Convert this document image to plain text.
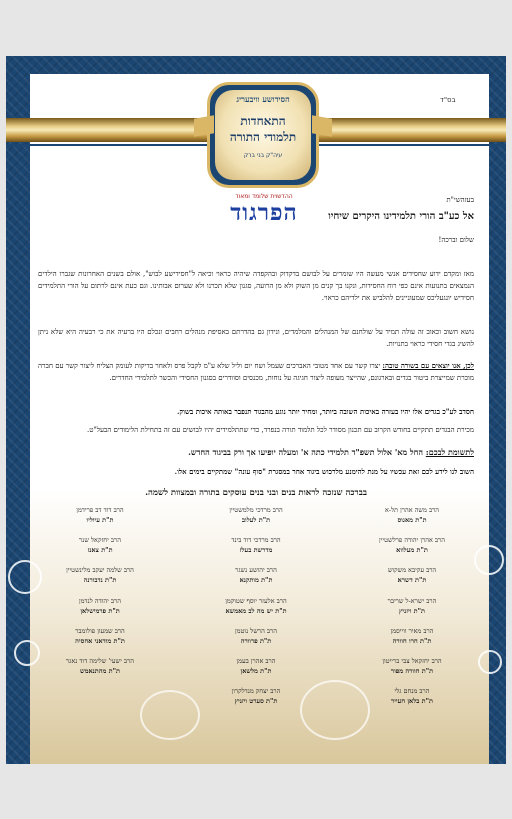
בס"ד
הסידושע וויבעריג
התאחדות
תלמודי התורה
עיה"ק בני ברק
ההדשוית שלומד ומאוד
הפרגוד	בעזהשי"ת
אל כע"ב הורי תלמידינו היקרים שיחיו
שלום וברכה!
מאז ומקדם ידוע שחסידים אנשי מעשה היו שומרים על לבושם בדקדוק ובהקפדה שיהיה כראוי וכיאה ל"חסידישע לבוש", אולם בשנים האחרונות שגברו הילדים הנמצאים בתנועות אינם כפי רוח החסידות, ונקנו בך קנים מן השוק ולא מן הרועה, סגנון שלא תכרנו ולא שערום אבותינו. וגם כעת אינם לרתום על הורי התלמידים חסידיש יונגעליכס שמעוניינים להלביש את ילדיהם כראוי.
נושא חשוב וכאוב זה עולה תמיד על שולחנם של המנהלים והמלמדים, ונידון גם בהדרתם באסיפת מנהלים רחבים ונכלם היו ברעיה את כי רבעיה היא שלא ניתן להשיג בגדי חסידי כראוי בתנויות.
לכן, אנו יוצאים עם בשורה טובה: יצרו קשר עם אחד מטובי האברכים שעמל ושח יום וליל שלא ע"מ לקבל פרס ולאחר בדיקות לעומק הצליח ליצור קשר עם חברה מוכרת שמייצרת ביטור בגדים ובארגונם, שהייצר מעופה ליצור חגיגה על נוחות, מכנסים וסוודרים בסגנון החסידי והכשר לתלמידי החדרים.
חסדב לע"כ בגדים אלו יהיו בעזרה באיכות השובה ביותר, ומחיר יותר נוגע מהבגוד תנפבר באותה איכות בשוק.
מכירת הבגדים תתקיים בחודש הקרוב עם תכנון מסודר לכל תלמוד תורה בנפרד, כדי שתתלמידים יהיו לבושים עם זה בתחילת הלימודים הבעל"ט.
לתשומת לבכם: החל מא' אלול תשפ"ד תלמידי כתה א' ומעלה יופיעו אך ורק בביגוד החדש.
השוב לנו לידע לכם זאת עכשיו על מנת להימנע מלרכוש ביגוד אחר במסגרת "סוף עונה" שמתקיים בימים אלו.
בברכה שנזכה לראות בנים ובני בנים עוסקים בתורה ובמצוות לשמה.
הרב משה אהרן תל-א
ת"ת מאגוס
הרב מרדכי מלמשטיין
ת"ת לעלוב
הרב דוד דב פרידמן
ת"ת עיוליו
הרב אהרן יהודה פרלשטיין
ת"ת מעלווא
הרב מרדכי דוד בינד
מדרשת בעלז
הרב יחזקאל שנר
ת"ת צאנז
הרב עקיבא משקוש
ת"ת דשרא
הרב יהושע נשגר
ת"ת מותקנא
הרב שלמה יעקב מלינשטיין
ת"ת נדבורנה
הרב ישרא-ל שריבר
ת"ת ויזניץ
הרב אלעזר יוסף שטוקמן
ת"ת יש מה לב מאמשא
הרב יהודה לנדמן
ת"ת פרמישלאן
הרב מאיר ווייסמן
ת"ת חרו חוורה
הרב הרשל נוטמן
ת"ת פרוורה
הרב שמעון פולומבר
ת"ת מודאני אחסיה
הרב יחזקאל צבי ברייטון
ת"ת חוורה מפור
הרב אהרן בעמן
ת"ת מלשאן
הרב ישעי' שלימה דוד נאגר
ת"ת מהתנאמש
הרב מנחם גלי
ת"ת בלאן חעייר
הרב יצחק מנדלקרון
ת"ת סערט ויזניץ
